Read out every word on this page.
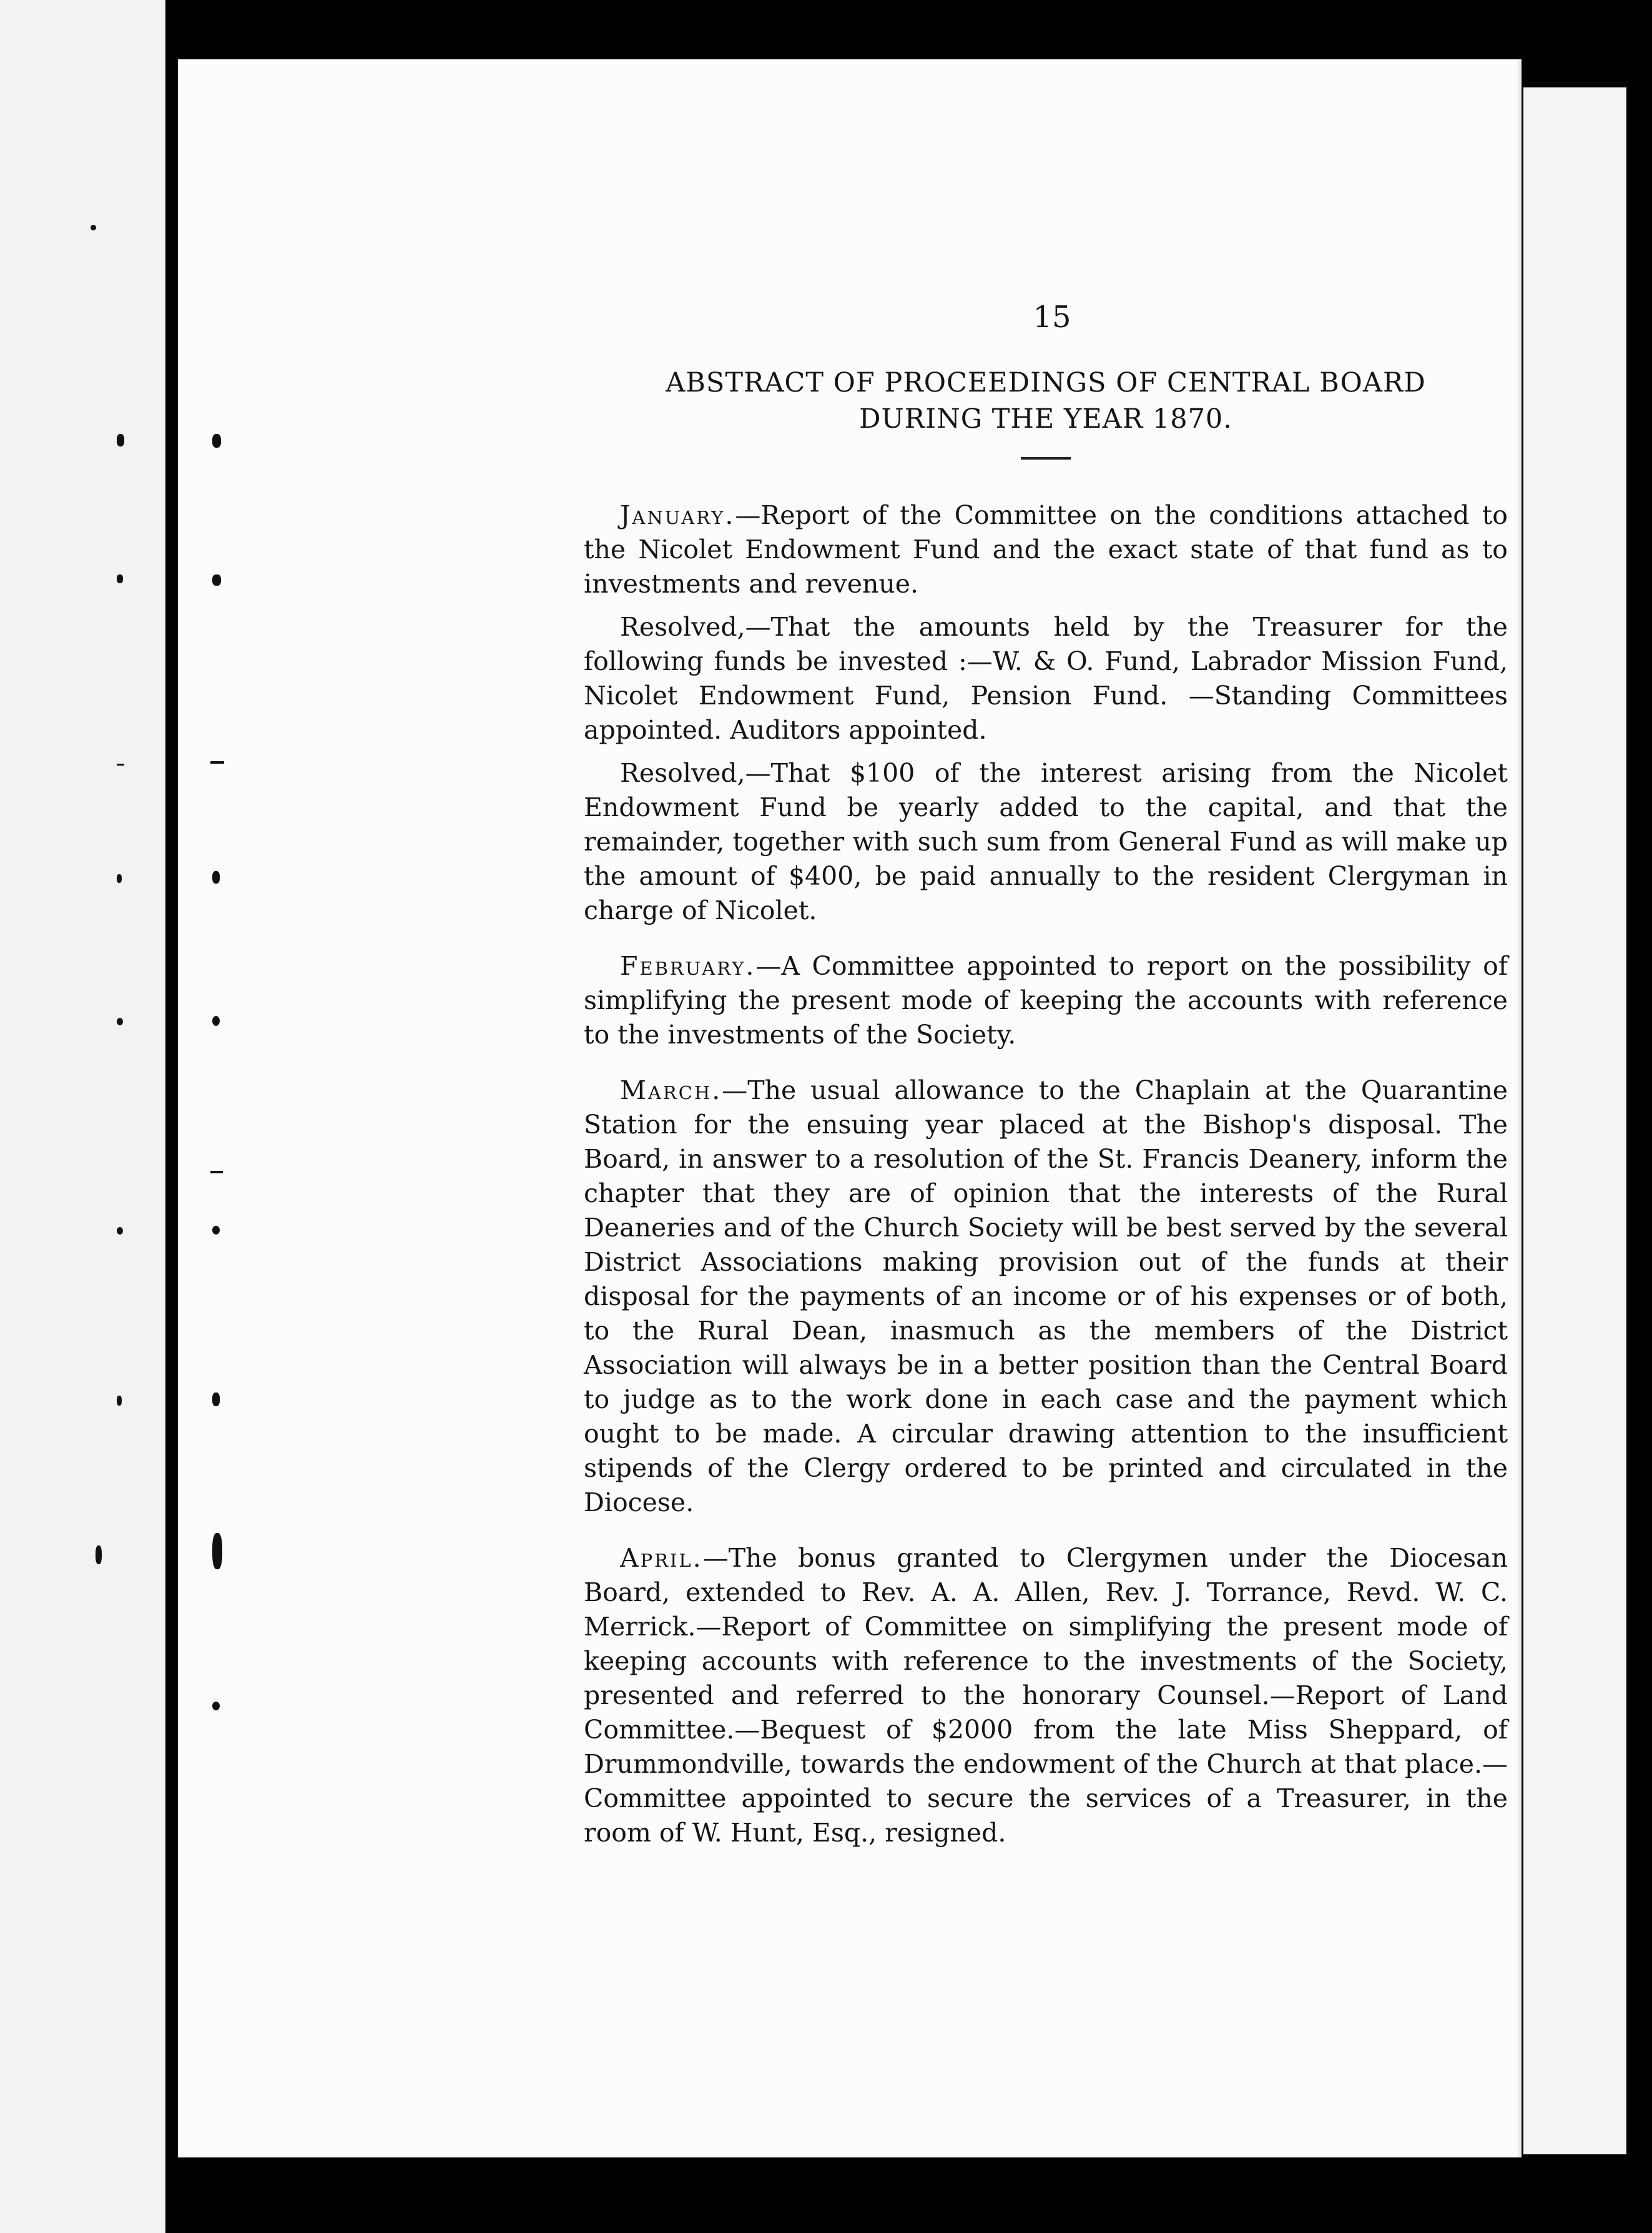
15
ABSTRACT OF PROCEEDINGS OF CENTRAL BOARD
DURING THE YEAR 1870.

January.—Report of the Committee on the conditions attached to the Nicolet Endowment Fund and the exact state of that fund as to investments and revenue.

Resolved,—That the amounts held by the Treasurer for the following funds be invested :—W. & O. Fund, Labrador Mission Fund, Nicolet Endowment Fund, Pension Fund. —Standing Committees appointed. Auditors appointed.

Resolved,—That $100 of the interest arising from the Nicolet Endowment Fund be yearly added to the capital, and that the remainder, together with such sum from General Fund as will make up the amount of $400, be paid annually to the resident Clergyman in charge of Nicolet.

February.—A Committee appointed to report on the possibility of simplifying the present mode of keeping the accounts with reference to the investments of the Society.

March.—The usual allowance to the Chaplain at the Quarantine Station for the ensuing year placed at the Bishop's disposal. The Board, in answer to a resolution of the St. Francis Deanery, inform the chapter that they are of opinion that the interests of the Rural Deaneries and of the Church Society will be best served by the several District Associations making provision out of the funds at their disposal for the payments of an income or of his expenses or of both, to the Rural Dean, inasmuch as the members of the District Association will always be in a better position than the Central Board to judge as to the work done in each case and the payment which ought to be made. A circular drawing attention to the insufficient stipends of the Clergy ordered to be printed and circulated in the Diocese.

April.—The bonus granted to Clergymen under the Diocesan Board, extended to Rev. A. A. Allen, Rev. J. Torrance, Revd. W. C. Merrick.—Report of Committee on simplifying the present mode of keeping accounts with reference to the investments of the Society, presented and referred to the honorary Counsel.—Report of Land Committee.—Bequest of $2000 from the late Miss Sheppard, of Drummondville, towards the endowment of the Church at that place.—Committee appointed to secure the services of a Treasurer, in the room of W. Hunt, Esq., resigned.
